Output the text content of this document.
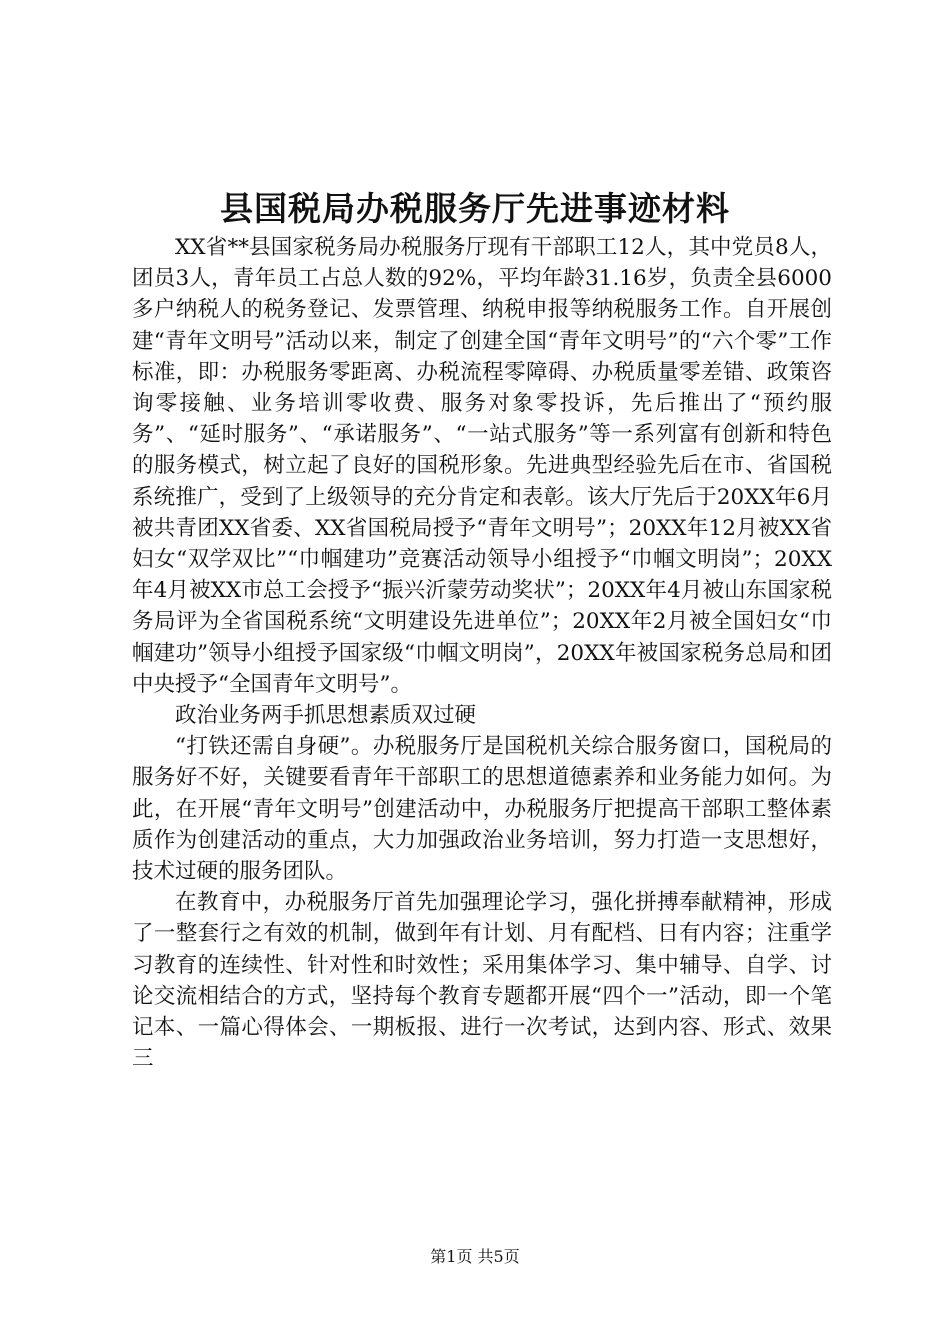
县国税局办税服务厅先进事迹材料

XX省**县国家税务局办税服务厅现有干部职工12人，其中党员8人，团员3人，青年员工占总人数的92%，平均年龄31.16岁，负责全县6000多户纳税人的税务登记、发票管理、纳税申报等纳税服务工作。自开展创建“青年文明号”活动以来，制定了创建全国“青年文明号”的“六个零”工作标准，即：办税服务零距离、办税流程零障碍、办税质量零差错、政策咨询零接触、业务培训零收费、服务对象零投诉，先后推出了“预约服务”、“延时服务”、“承诺服务”、“一站式服务”等一系列富有创新和特色的服务模式，树立起了良好的国税形象。先进典型经验先后在市、省国税系统推广，受到了上级领导的充分肯定和表彰。该大厅先后于20XX年6月被共青团XX省委、XX省国税局授予“青年文明号”；20XX年12月被XX省妇女“双学双比”“巾帼建功”竞赛活动领导小组授予“巾帼文明岗”；20XX年4月被XX市总工会授予“振兴沂蒙劳动奖状”；20XX年4月被山东国家税务局评为全省国税系统“文明建设先进单位”；20XX年2月被全国妇女“巾帼建功”领导小组授予国家级“巾帼文明岗”，20XX年被国家税务总局和团中央授予“全国青年文明号”。

政治业务两手抓思想素质双过硬

“打铁还需自身硬”。办税服务厅是国税机关综合服务窗口，国税局的服务好不好，关键要看青年干部职工的思想道德素养和业务能力如何。为此，在开展“青年文明号”创建活动中，办税服务厅把提高干部职工整体素质作为创建活动的重点，大力加强政治业务培训，努力打造一支思想好，技术过硬的服务团队。

在教育中，办税服务厅首先加强理论学习，强化拼搏奉献精神，形成了一整套行之有效的机制，做到年有计划、月有配档、日有内容；注重学习教育的连续性、针对性和时效性；采用集体学习、集中辅导、自学、讨论交流相结合的方式，坚持每个教育专题都开展“四个一”活动，即一个笔记本、一篇心得体会、一期板报、进行一次考试，达到内容、形式、效果三

第1页 共5页
